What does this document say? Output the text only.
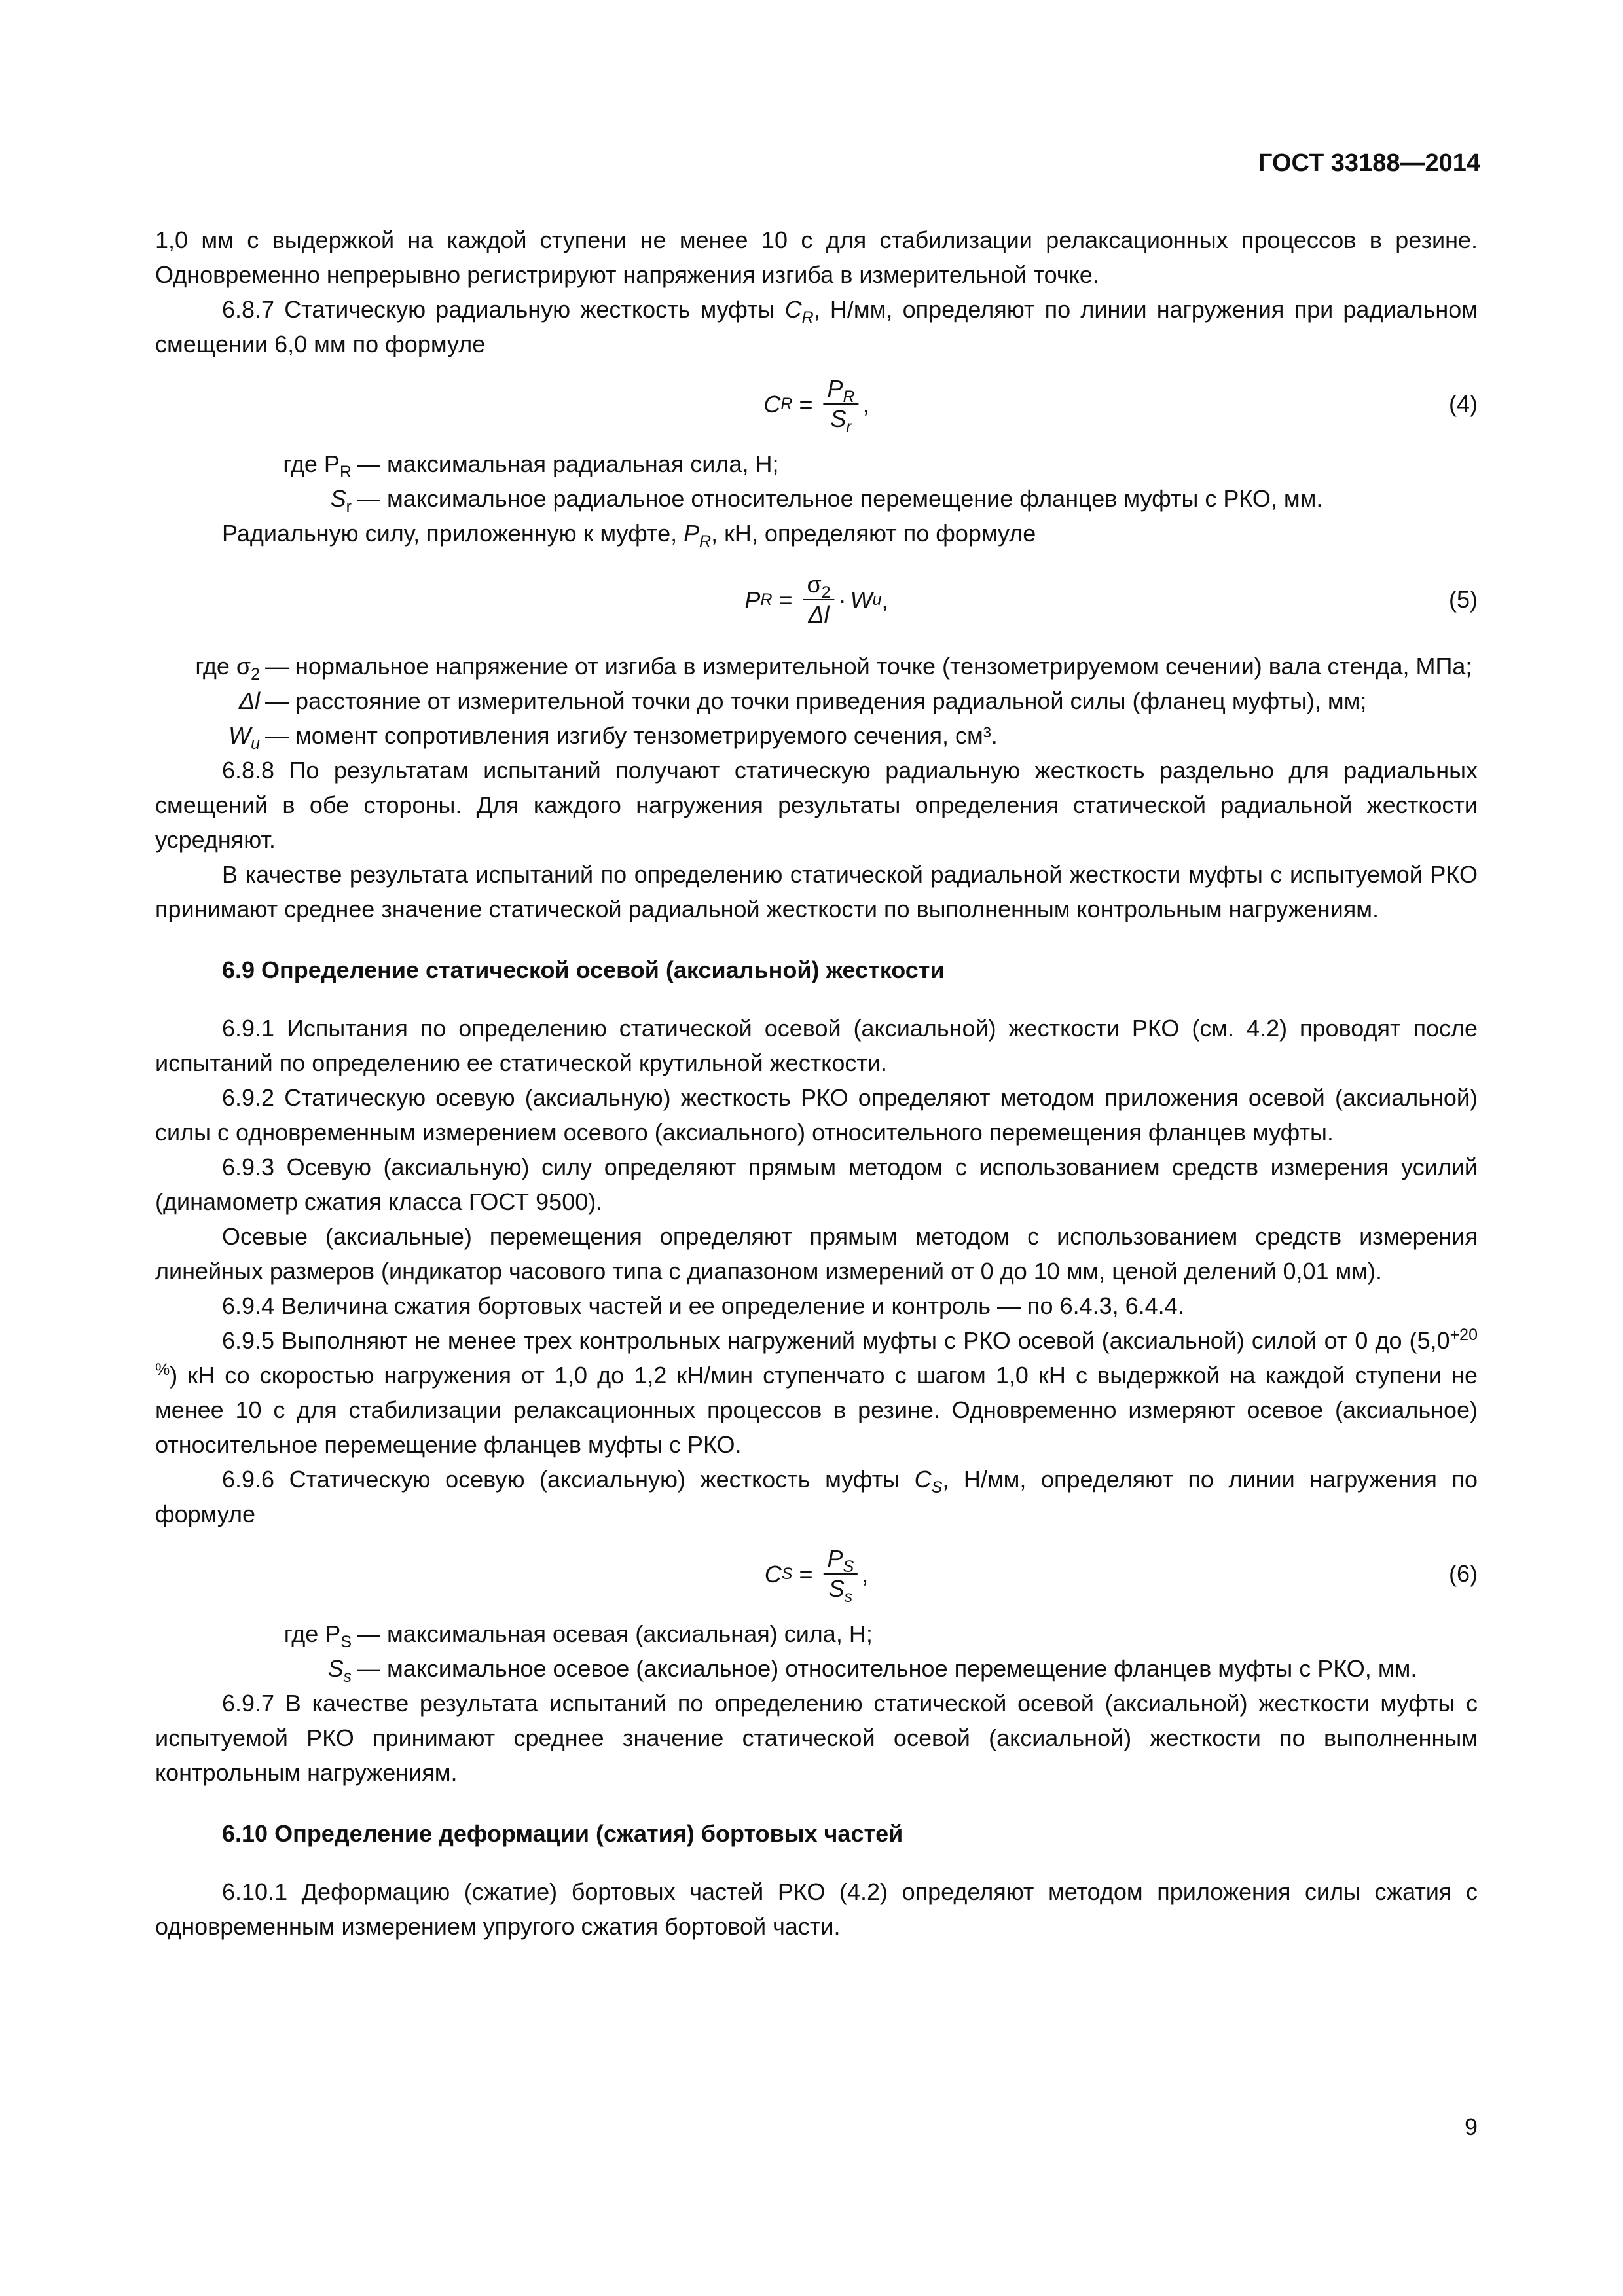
ГОСТ 33188—2014

1,0 мм с выдержкой на каждой ступени не менее 10 с для стабилизации релаксационных процессов в резине. Одновременно непрерывно регистрируют напряжения изгиба в измерительной точке.

6.8.7 Статическую радиальную жесткость муфты $C_R$, Н/мм, определяют по линии нагружения при радиальном смещении 6,0 мм по формуле

C $R = \frac{P_R}{S_r}$ ,	(4)
где $P_R$ — максимальная радиальная сила, Н;
$S_r$ — максимальное радиальное относительное перемещение фланцев муфты с РКО, мм.

Радиальную силу, приложенную к муфте, $P_R$, кН, определяют по формуле

P $R = \frac{\sigma_2}{\Delta l} \cdot W$ u ,	(5)
где $\sigma_2$ — нормальное напряжение от изгиба в измерительной точке (тензометрируемом сечении) вала стенда, МПа;
Δl — расстояние от измерительной точки до точки приведения радиальной силы (фланец муфты), мм;
$W_u$ — момент сопротивления изгибу тензометрируемого сечения, см³.

6.8.8 По результатам испытаний получают статическую радиальную жесткость раздельно для радиальных смещений в обе стороны. Для каждого нагружения результаты определения статической радиальной жесткости усредняют.

В качестве результата испытаний по определению статической радиальной жесткости муфты с испытуемой РКО принимают среднее значение статической радиальной жесткости по выполненным контрольным нагружениям.

6.9 Определение статической осевой (аксиальной) жесткости

6.9.1 Испытания по определению статической осевой (аксиальной) жесткости РКО (см. 4.2) проводят после испытаний по определению ее статической крутильной жесткости.

6.9.2 Статическую осевую (аксиальную) жесткость РКО определяют методом приложения осевой (аксиальной) силы с одновременным измерением осевого (аксиального) относительного перемещения фланцев муфты.

6.9.3 Осевую (аксиальную) силу определяют прямым методом с использованием средств измерения усилий (динамометр сжатия класса ГОСТ 9500).

Осевые (аксиальные) перемещения определяют прямым методом с использованием средств измерения линейных размеров (индикатор часового типа с диапазоном измерений от 0 до 10 мм, ценой делений 0,01 мм).

6.9.4 Величина сжатия бортовых частей и ее определение и контроль — по 6.4.3, 6.4.4.

6.9.5 Выполняют не менее трех контрольных нагружений муфты с РКО осевой (аксиальной) силой от 0 до $(5,0^{+20 \%})$ кН со скоростью нагружения от 1,0 до 1,2 кН/мин ступенчато с шагом 1,0 кН с выдержкой на каждой ступени не менее 10 с для стабилизации релаксационных процессов в резине. Одновременно измеряют осевое (аксиальное) относительное перемещение фланцев муфты с РКО.

6.9.6 Статическую осевую (аксиальную) жесткость муфты $C_S$, Н/мм, определяют по линии нагружения по формуле

C $S = \frac{P_S}{S_s}$ ,	(6)
где $P_S$ — максимальная осевая (аксиальная) сила, Н;
$S_s$ — максимальное осевое (аксиальное) относительное перемещение фланцев муфты с РКО, мм.

6.9.7 В качестве результата испытаний по определению статической осевой (аксиальной) жесткости муфты с испытуемой РКО принимают среднее значение статической осевой (аксиальной) жесткости по выполненным контрольным нагружениям.

6.10 Определение деформации (сжатия) бортовых частей

6.10.1 Деформацию (сжатие) бортовых частей РКО (4.2) определяют методом приложения силы сжатия с одновременным измерением упругого сжатия бортовой части.

9
